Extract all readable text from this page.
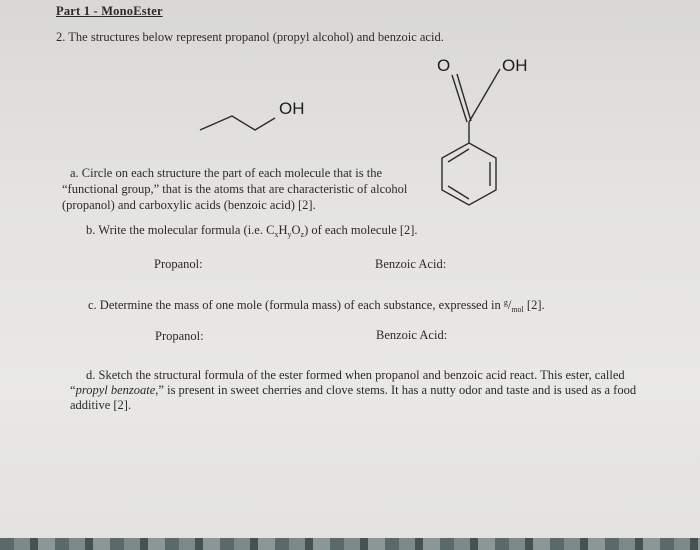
Part 1 - MonoEster
2. The structures below represent propanol (propyl alcohol) and benzoic acid.
OH
O	OH
a. Circle on each structure the part of each molecule that is the
“functional group,” that is the atoms that are characteristic of alcohol
(propanol) and carboxylic acids (benzoic acid) [2].
b. Write the molecular formula (i.e. $C_xH_yO_z$) of each molecule [2].
Propanol:	Benzoic Acid:
c. Determine the mass of one mole (formula mass) of each substance, expressed in $^g/_{mol}$ [2].
Propanol:	Benzoic Acid:
d. Sketch the structural formula of the ester formed when propanol and benzoic acid react. This ester, called
“propyl benzoate,” is present in sweet cherries and clove stems. It has a nutty odor and taste and is used as a food
additive [2].
